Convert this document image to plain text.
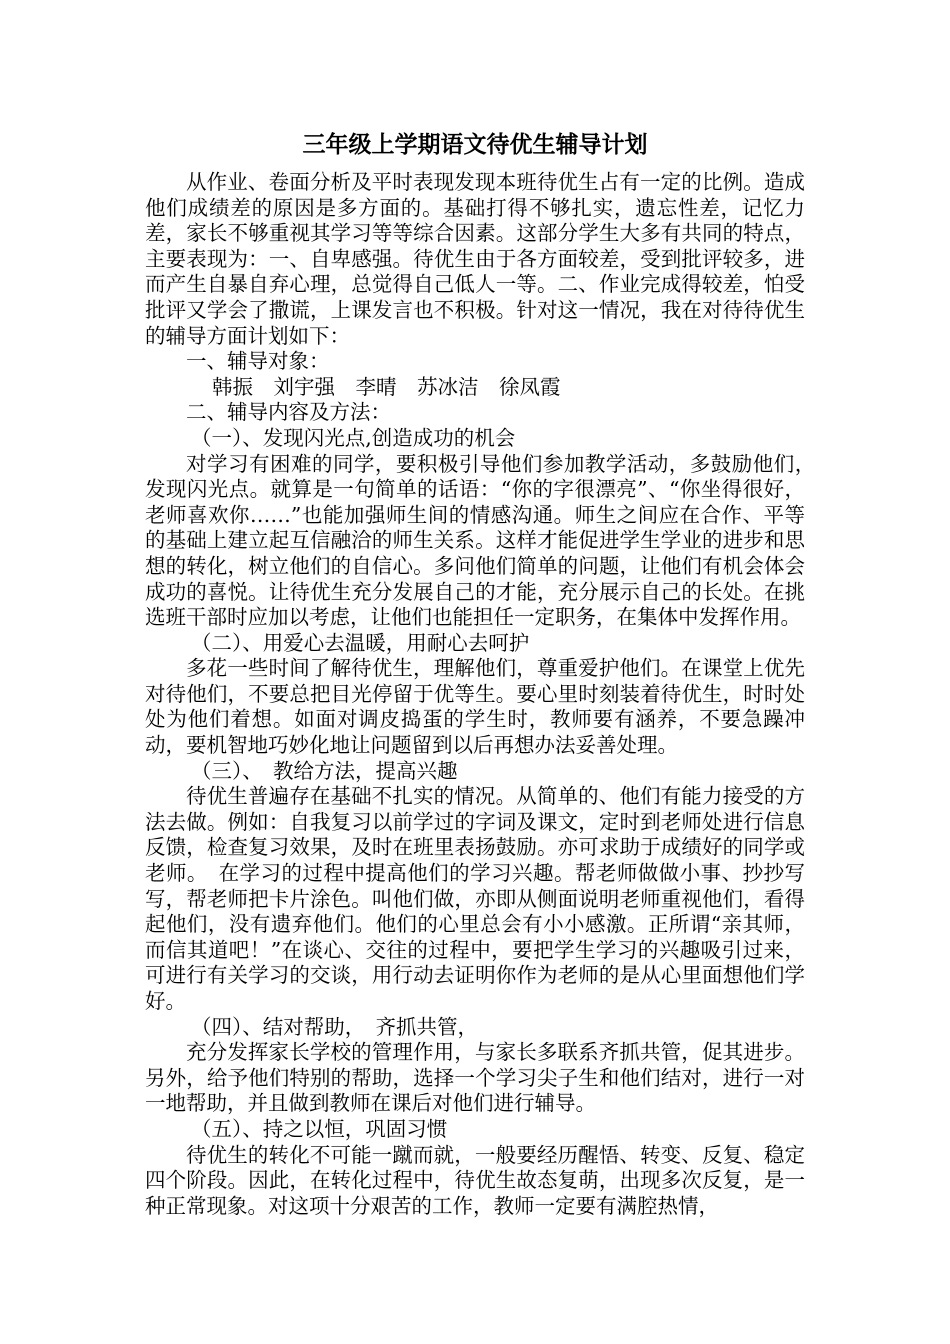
三年级上学期语文待优生辅导计划

从作业、卷面分析及平时表现发现本班待优生占有一定的比例。造成他们成绩差的原因是多方面的。基础打得不够扎实，遗忘性差，记忆力差，家长不够重视其学习等等综合因素。这部分学生大多有共同的特点，主要表现为：一、自卑感强。待优生由于各方面较差，受到批评较多，进而产生自暴自弃心理，总觉得自己低人一等。二、作业完成得较差，怕受批评又学会了撒谎，上课发言也不积极。针对这一情况，我在对待待优生的辅导方面计划如下：

一、辅导对象：

韩振　刘宇强　李晴　苏冰洁　徐凤霞

二、辅导内容及方法：

（一）、发现闪光点,创造成功的机会

对学习有困难的同学，要积极引导他们参加教学活动，多鼓励他们，　发现闪光点。就算是一句简单的话语：“你的字很漂亮”、“你坐得很好，老师喜欢你……”也能加强师生间的情感沟通。师生之间应在合作、平等的基础上建立起互信融洽的师生关系。这样才能促进学生学业的进步和思想的转化，树立他们的自信心。多问他们简单的问题，让他们有机会体会成功的喜悦。让待优生充分发展自己的才能，充分展示自己的长处。在挑选班干部时应加以考虑，让他们也能担任一定职务，在集体中发挥作用。

（二）、用爱心去温暖，用耐心去呵护

多花一些时间了解待优生，理解他们，尊重爱护他们。在课堂上优先对待他们，不要总把目光停留于优等生。要心里时刻装着待优生，时时处处为他们着想。如面对调皮捣蛋的学生时，教师要有涵养，不要急躁冲动，要机智地巧妙化地让问题留到以后再想办法妥善处理。

（三）、　教给方法，提高兴趣

待优生普遍存在基础不扎实的情况。从简单的、他们有能力接受的方法去做。例如：自我复习以前学过的字词及课文，定时到老师处进行信息反馈，检查复习效果，及时在班里表扬鼓励。亦可求助于成绩好的同学或老师。　在学习的过程中提高他们的学习兴趣。帮老师做做小事、抄抄写写，帮老师把卡片涂色。叫他们做，亦即从侧面说明老师重视他们，看得起他们，没有遗弃他们。他们的心里总会有小小感激。正所谓“亲其师，而信其道吧！”在谈心、交往的过程中，要把学生学习的兴趣吸引过来，可进行有关学习的交谈，用行动去证明你作为老师的是从心里面想他们学好。

（四）、结对帮助，　齐抓共管，

充分发挥家长学校的管理作用，与家长多联系齐抓共管，促其进步。另外，给予他们特别的帮助，选择一个学习尖子生和他们结对，进行一对一地帮助，并且做到教师在课后对他们进行辅导。

（五）、持之以恒，巩固习惯

待优生的转化不可能一蹴而就，一般要经历醒悟、转变、反复、稳定四个阶段。因此，在转化过程中，待优生故态复萌，出现多次反复，是一种正常现象。对这项十分艰苦的工作，教师一定要有满腔热情，
